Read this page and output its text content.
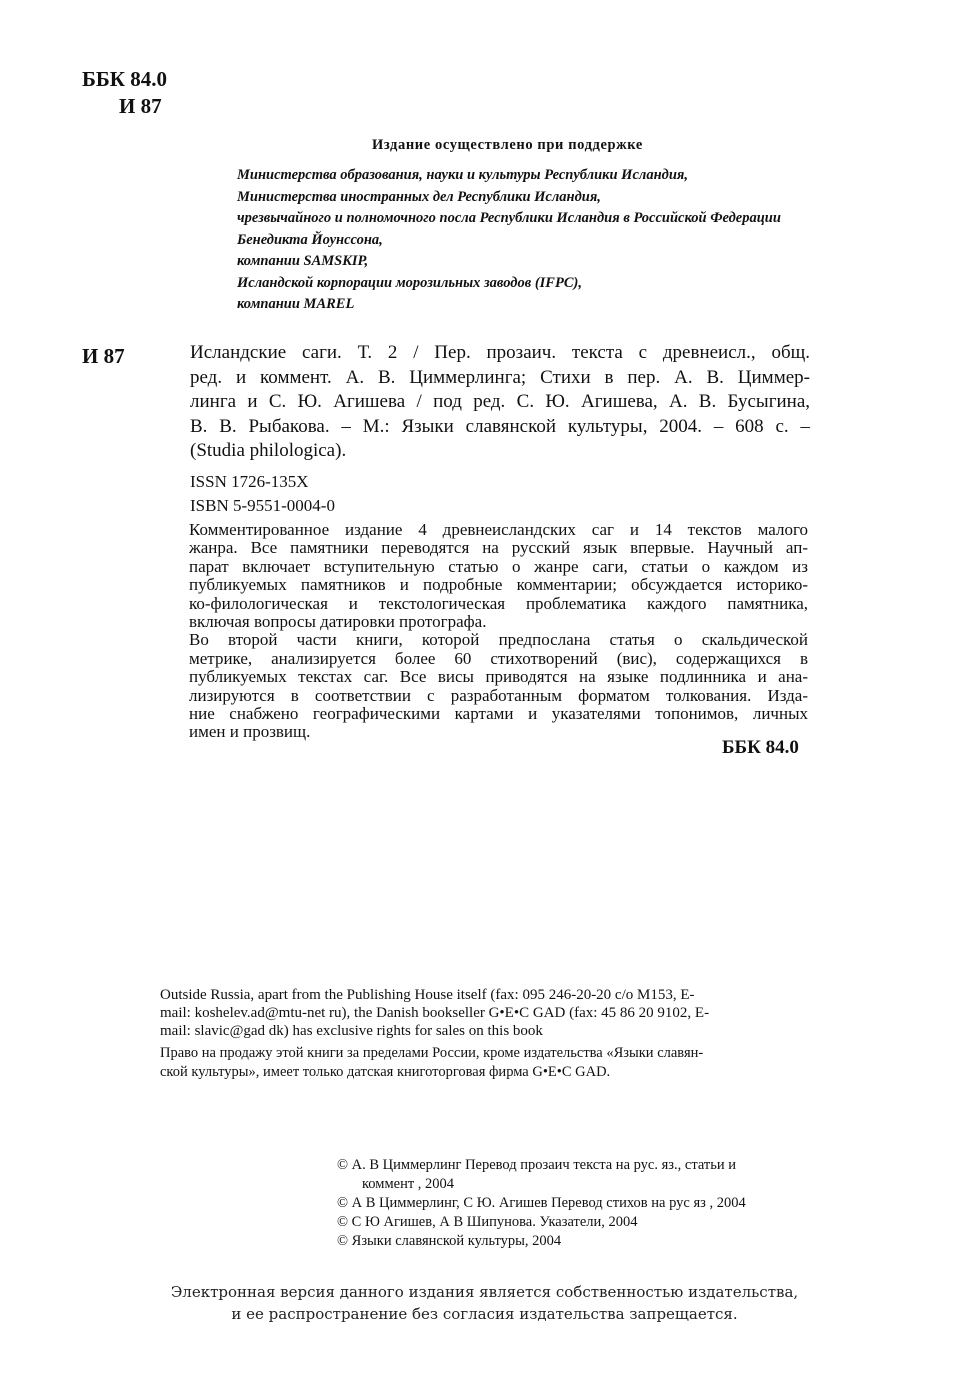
ББК 84.0
И 87
Издание осуществлено при поддержке
Министерства образования, науки и культуры Республики Исландия,
Министерства иностранных дел Республики Исландия,
чрезвычайного и полномочного посла Республики Исландия в Российской Федерации
Бенедикта Йоунссона,
компании SAMSKIP,
Исландской корпорации морозильных заводов (IFPC),
компании MAREL
И 87	Исландские саги. Т. 2 / Пер. прозаич. текста с древнеисл., общ.
ред. и коммент. А. В. Циммерлинга; Стихи в пер. А. В. Циммер-
линга и С. Ю. Агишева / под ред. С. Ю. Агишева, А. В. Бусыгина,
В. В. Рыбакова. – М.: Языки славянской культуры, 2004. – 608 с. –
(Studia philologica).
ISSN 1726-135X
ISBN 5-9551-0004-0
Комментированное издание 4 древнеисландских саг и 14 текстов малого
жанра. Все памятники переводятся на русский язык впервые. Научный ап-
парат включает вступительную статью о жанре саги, статьи о каждом из
публикуемых памятников и подробные комментарии; обсуждается историко-
ко-филологическая и текстологическая проблематика каждого памятника,
включая вопросы датировки протографа.
Во второй части книги, которой предпослана статья о скальдической
метрике, анализируется более 60 стихотворений (вис), содержащихся в
публикуемых текстах саг. Все висы приводятся на языке подлинника и ана-
лизируются в соответствии с разработанным форматом толкования. Изда-
ние снабжено географическими картами и указателями топонимов, личных
имен и прозвищ.
ББК 84.0
Outside Russia, apart from the Publishing House itself (fax: 095 246-20-20 c/o M153, E-
mail: koshelev.ad@mtu-net ru), the Danish bookseller G•E•C GAD (fax: 45 86 20 9102, E-
mail: slavic@gad dk) has exclusive rights for sales on this book
Право на продажу этой книги за пределами России, кроме издательства «Языки славян-
ской культуры», имеет только датская книготорговая фирма G•E•C GAD.
© А. В Циммерлинг Перевод прозаич текста на рус. яз., статьи и
коммент , 2004
© А В Циммерлинг, С Ю. Агишев Перевод стихов на рус яз , 2004
© С Ю Агишев, А В Шипунова. Указатели, 2004
© Языки славянской культуры, 2004
Электронная версия данного издания является собственностью издательства,
и ее распространение без согласия издательства запрещается.
